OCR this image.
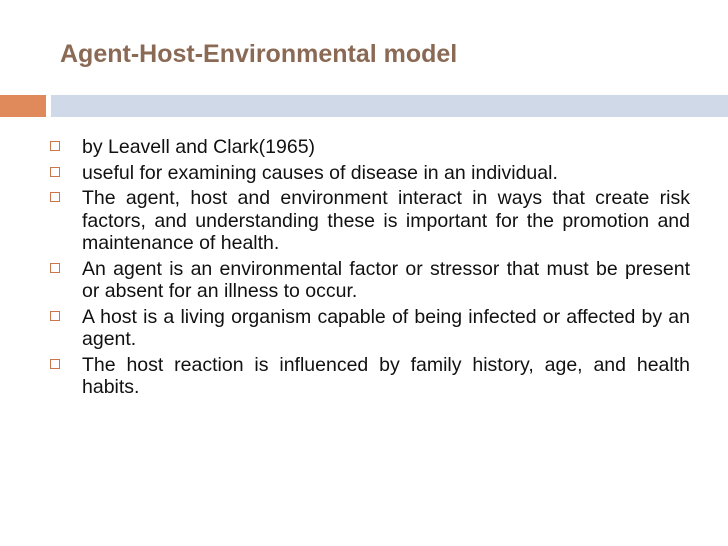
Agent-Host-Environmental model
by Leavell and Clark(1965)
useful for examining causes of disease in an individual.
The agent, host and environment interact in ways that create risk factors, and understanding these is important for the promotion and maintenance of health.
An agent is an environmental factor or stressor that must be present or absent for an illness to occur.
A host is a living organism capable of being infected or affected by an agent.
The host reaction is influenced by family history, age, and health habits.
